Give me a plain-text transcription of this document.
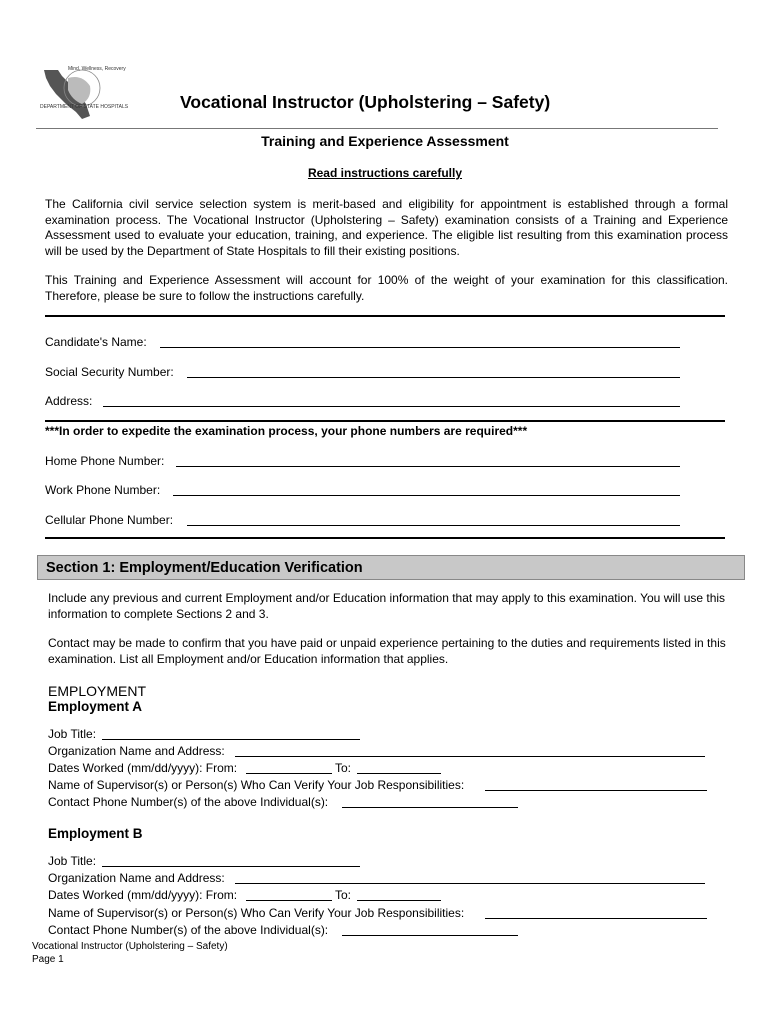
Mind, Wellness, Recovery
DEPARTMENT OF STATE HOSPITALS	Vocational Instructor (Upholstering – Safety)
Training and Experience Assessment
Read instructions carefully
The California civil service selection system is merit-based and eligibility for appointment is established through a formal examination process. The Vocational Instructor (Upholstering – Safety) examination consists of a Training and Experience Assessment used to evaluate your education, training, and experience. The eligible list resulting from this examination process will be used by the Department of State Hospitals to fill their existing positions.
This Training and Experience Assessment will account for 100% of the weight of your examination for this classification. Therefore, please be sure to follow the instructions carefully.
Candidate's Name:
Social Security Number:
Address:
***In order to expedite the examination process, your phone numbers are required***
Home Phone Number:
Work Phone Number:
Cellular Phone Number:
Section 1: Employment/Education Verification
Include any previous and current Employment and/or Education information that may apply to this examination. You will use this information to complete Sections 2 and 3.
Contact may be made to confirm that you have paid or unpaid experience pertaining to the duties and requirements listed in this examination. List all Employment and/or Education information that applies.
EMPLOYMENT
Employment A
Job Title:
Organization Name and Address:
Dates Worked (mm/dd/yyyy): From:	To:
Name of Supervisor(s) or Person(s) Who Can Verify Your Job Responsibilities:
Contact Phone Number(s) of the above Individual(s):
Employment B
Job Title:
Organization Name and Address:
Dates Worked (mm/dd/yyyy): From:	To:
Name of Supervisor(s) or Person(s) Who Can Verify Your Job Responsibilities:
Contact Phone Number(s) of the above Individual(s):
Vocational Instructor (Upholstering – Safety)
Page 1
